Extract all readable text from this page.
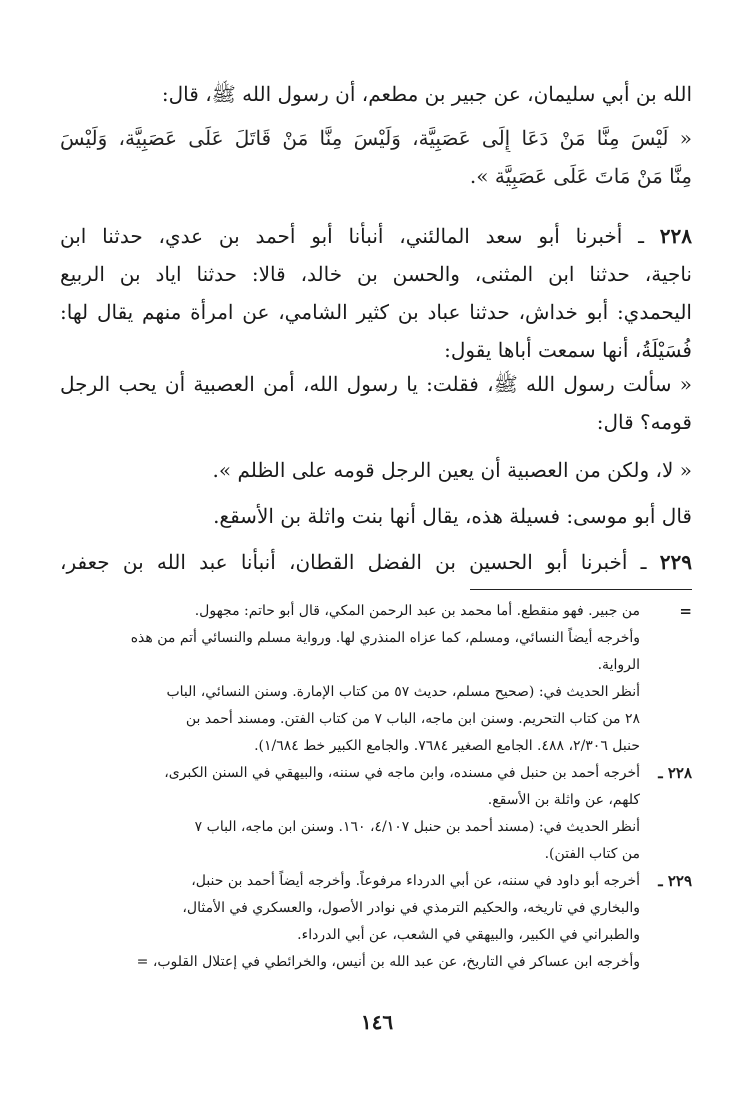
الله بن أبي سليمان، عن جبير بن مطعم، أن رسول الله ﷺ، قال:
« لَيْسَ مِنَّا مَنْ دَعَا إِلَى عَصَبِيَّة، وَلَيْسَ مِنَّا مَنْ قَاتَلَ عَلَى عَصَبِيَّة، وَلَيْسَ
مِنَّا مَنْ مَاتَ عَلَى عَصَبِيَّة ».
٢٢٨ ـ أخبرنا أبو سعد المالئني، أنبأنا أبو أحمد بن عدي، حدثنا ابن
ناجية، حدثنا ابن المثنى، والحسن بن خالد، قالا: حدثنا اياد بن الربيع
اليحمدي: أبو خداش، حدثنا عباد بن كثير الشامي، عن امرأة منهم يقال لها:
فُسَيْلَةُ، أنها سمعت أباها يقول:
« سألت رسول الله ﷺ، فقلت: يا رسول الله، أمن العصبية أن يحب الرجل
قومه؟ قال:
« لا، ولكن من العصبية أن يعين الرجل قومه على الظلم ».
قال أبو موسى: فسيلة هذه، يقال أنها بنت واثلة بن الأسقع.
٢٢٩ ـ أخبرنا أبو الحسين بن الفضل القطان، أنبأنا عبد الله بن جعفر،
=
من جبير. فهو منقطع. أما محمد بن عبد الرحمن المكي، قال أبو حاتم: مجهول.
وأخرجه أيضاً النسائي، ومسلم، كما عزاه المنذري لها. ورواية مسلم والنسائي أتم من هذه
الرواية.
أنظر الحديث في: (صحيح مسلم، حديث ٥٧ من كتاب الإمارة. وسنن النسائي، الباب
٢٨ من كتاب التحريم. وسنن ابن ماجه، الباب ٧ من كتاب الفتن. ومسند أحمد بن
حنبل ٢/٣٠٦، ٤٨٨. الجامع الصغير ٧٦٨٤. والجامع الكبير خط ١/٦٨٤).
٢٢٨ ـ
أخرجه أحمد بن حنبل في مسنده، وابن ماجه في سننه، والبيهقي في السنن الكبرى،
كلهم، عن واثلة بن الأسقع.
أنظر الحديث في: (مسند أحمد بن حنبل ٤/١٠٧، ١٦٠. وسنن ابن ماجه، الباب ٧
من كتاب الفتن).
٢٢٩ ـ
أخرجه أبو داود في سننه، عن أبي الدرداء مرفوعاً. وأخرجه أيضاً أحمد بن حنبل،
والبخاري في تاريخه، والحكيم الترمذي في نوادر الأصول، والعسكري في الأمثال،
والطبراني في الكبير، والبيهقي في الشعب، عن أبي الدرداء.
وأخرجه ابن عساكر في التاريخ، عن عبد الله بن أنيس، والخرائطي في إعتلال القلوب، =
١٤٦
